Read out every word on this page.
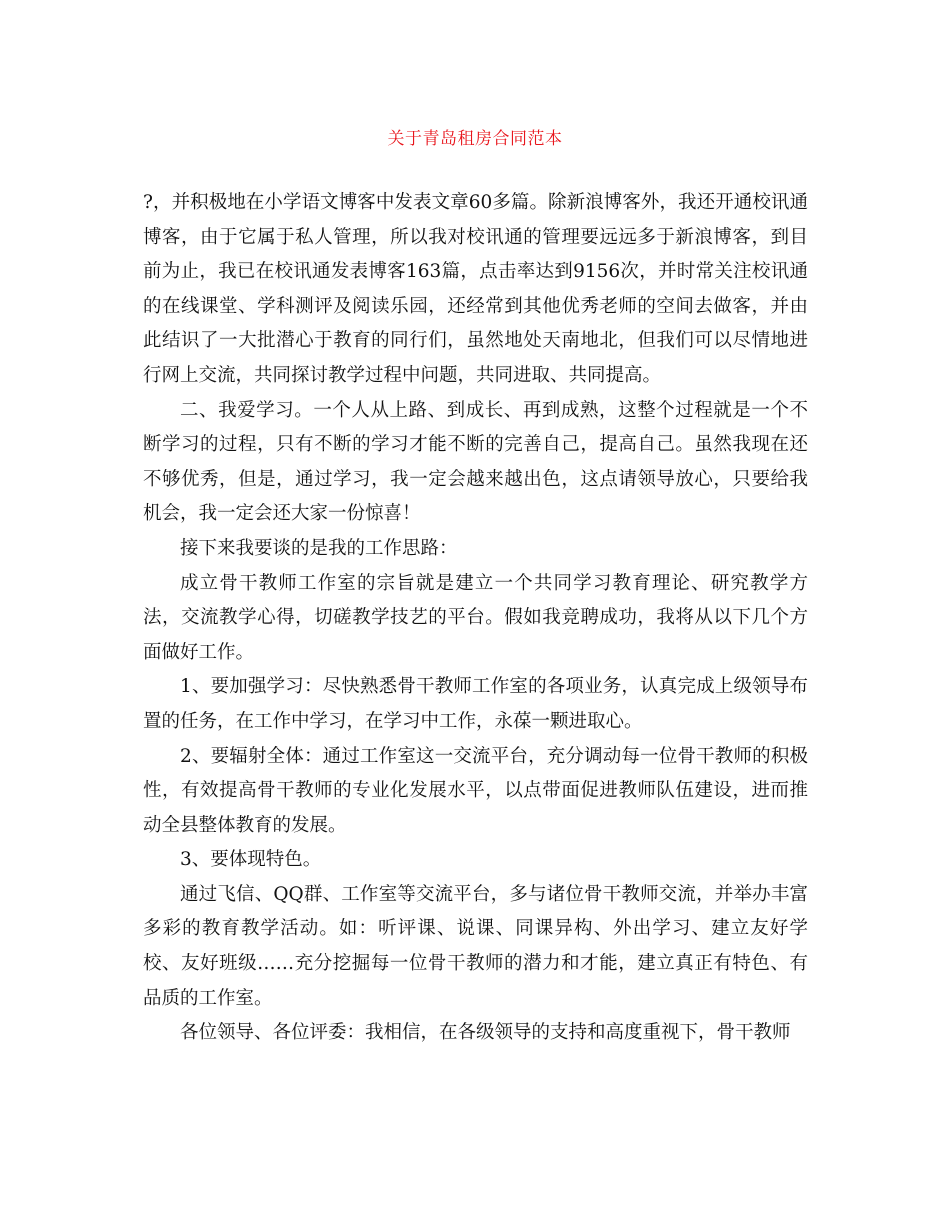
关于青岛租房合同范本

?，并积极地在小学语文博客中发表文章60多篇。除新浪博客外，我还开通校讯通博客，由于它属于私人管理，所以我对校讯通的管理要远远多于新浪博客，到目前为止，我已在校讯通发表博客163篇，点击率达到9156次，并时常关注校讯通的在线课堂、学科测评及阅读乐园，还经常到其他优秀老师的空间去做客，并由此结识了一大批潜心于教育的同行们，虽然地处天南地北，但我们可以尽情地进行网上交流，共同探讨教学过程中问题，共同进取、共同提高。

二、我爱学习。一个人从上路、到成长、再到成熟，这整个过程就是一个不断学习的过程，只有不断的学习才能不断的完善自己，提高自己。虽然我现在还不够优秀，但是，通过学习，我一定会越来越出色，这点请领导放心，只要给我机会，我一定会还大家一份惊喜！

接下来我要谈的是我的工作思路：

成立骨干教师工作室的宗旨就是建立一个共同学习教育理论、研究教学方法，交流教学心得，切磋教学技艺的平台。假如我竞聘成功，我将从以下几个方面做好工作。

1、要加强学习：尽快熟悉骨干教师工作室的各项业务，认真完成上级领导布置的任务，在工作中学习，在学习中工作，永葆一颗进取心。

2、要辐射全体：通过工作室这一交流平台，充分调动每一位骨干教师的积极性，有效提高骨干教师的专业化发展水平，以点带面促进教师队伍建设，进而推动全县整体教育的发展。

3、要体现特色。

通过飞信、QQ群、工作室等交流平台，多与诸位骨干教师交流，并举办丰富多彩的教育教学活动。如：听评课、说课、同课异构、外出学习、建立友好学校、友好班级……充分挖掘每一位骨干教师的潜力和才能，建立真正有特色、有品质的工作室。

各位领导、各位评委：我相信，在各级领导的支持和高度重视下，骨干教师
